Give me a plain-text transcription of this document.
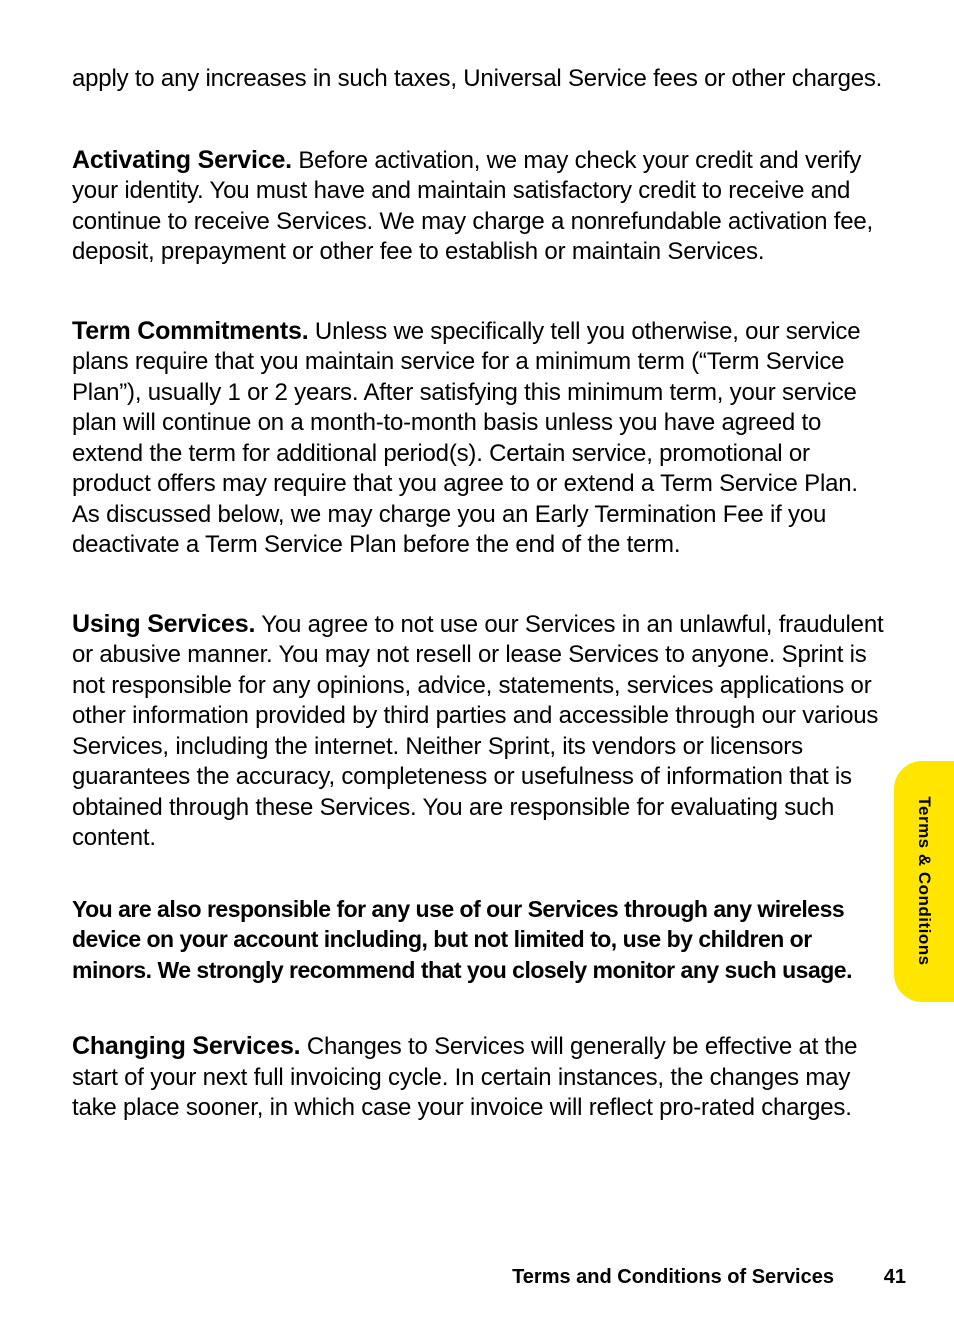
apply to any increases in such taxes, Universal Service fees or other charges.

Activating Service. Before activation, we may check your credit and verify your identity. You must have and maintain satisfactory credit to receive and continue to receive Services. We may charge a nonrefundable activation fee, deposit, prepayment or other fee to establish or maintain Services.

Term Commitments. Unless we specifically tell you otherwise, our service plans require that you maintain service for a minimum term (“Term Service Plan”), usually 1 or 2 years. After satisfying this minimum term, your service plan will continue on a month-to-month basis unless you have agreed to extend the term for additional period(s). Certain service, promotional or product offers may require that you agree to or extend a Term Service Plan. As discussed below, we may charge you an Early Termination Fee if you deactivate a Term Service Plan before the end of the term.

Using Services. You agree to not use our Services in an unlawful, fraudulent or abusive manner. You may not resell or lease Services to anyone. Sprint is not responsible for any opinions, advice, statements, services applications or other information provided by third parties and accessible through our various Services, including the internet. Neither Sprint, its vendors or licensors guarantees the accuracy, completeness or usefulness of information that is obtained through these Services. You are responsible for evaluating such content.

You are also responsible for any use of our Services through any wireless device on your account including, but not limited to, use by children or minors. We strongly recommend that you closely monitor any such usage.

Changing Services. Changes to Services will generally be effective at the start of your next full invoicing cycle. In certain instances, the changes may take place sooner, in which case your invoice will reflect pro-rated charges.

Terms & Conditions
Terms and Conditions of Services 41
